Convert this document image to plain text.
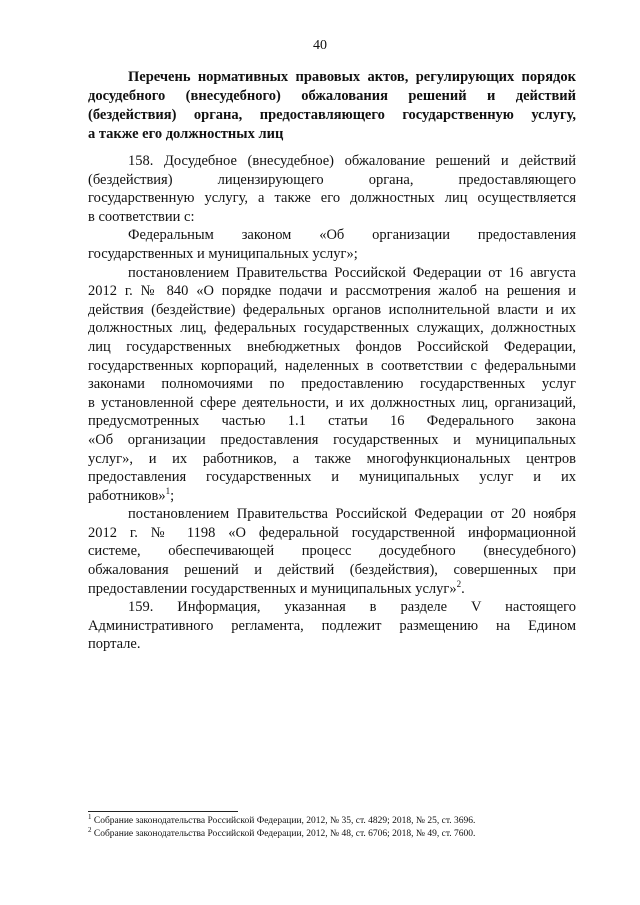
40
Перечень нормативных правовых актов, регулирующих порядок
досудебного (внесудебного) обжалования решений и действий
(бездействия) органа, предоставляющего государственную услугу,
а также его должностных лиц
158. Досудебное (внесудебное) обжалование решений и действий
(бездействия) лицензирующего органа, предоставляющего
государственную услугу, а также его должностных лиц осуществляется
в соответствии с:
Федеральным законом «Об организации предоставления
государственных и муниципальных услуг»;
постановлением Правительства Российской Федерации от 16 августа
2012 г. № 840 «О порядке подачи и рассмотрения жалоб на решения и
действия (бездействие) федеральных органов исполнительной власти и их
должностных лиц, федеральных государственных служащих, должностных
лиц государственных внебюджетных фондов Российской Федерации,
государственных корпораций, наделенных в соответствии с федеральными
законами полномочиями по предоставлению государственных услуг
в установленной сфере деятельности, и их должностных лиц, организаций,
предусмотренных частью 1.1 статьи 16 Федерального закона
«Об организации предоставления государственных и муниципальных
услуг», и их работников, а также многофункциональных центров
предоставления государственных и муниципальных услуг и их
работников»$^1$;
постановлением Правительства Российской Федерации от 20 ноября
2012 г. № 1198 «О федеральной государственной информационной
системе, обеспечивающей процесс досудебного (внесудебного)
обжалования решений и действий (бездействия), совершенных при
предоставлении государственных и муниципальных услуг»$^2$.
159. Информация, указанная в разделе V настоящего
Административного регламента, подлежит размещению на Едином
портале.
$^1$ Собрание законодательства Российской Федерации, 2012, № 35, ст. 4829; 2018, № 25, ст. 3696.
$^2$ Собрание законодательства Российской Федерации, 2012, № 48, ст. 6706; 2018, № 49, ст. 7600.
